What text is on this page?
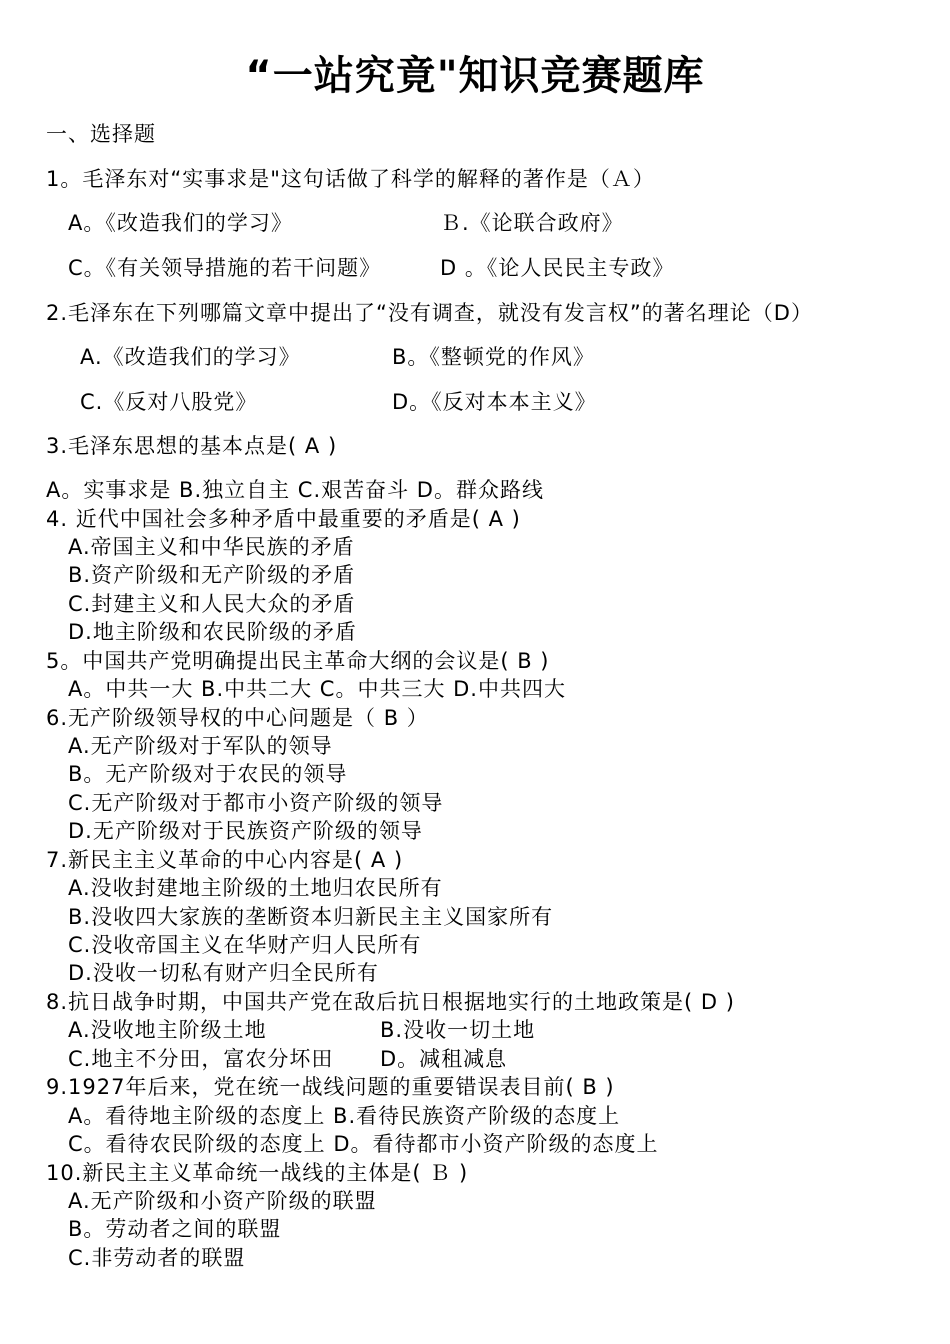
“一站究竟"知识竞赛题库
一、选择题
1。毛泽东对“实事求是"这句话做了科学的解释的著作是（Ａ）
A。《改造我们的学习》	Ｂ.《论联合政府》
C。《有关领导措施的若干问题》	D 。《论人民民主专政》
2.毛泽东在下列哪篇文章中提出了“没有调查，就没有发言权”的著名理论（D）
A.《改造我们的学习》	B。《整顿党的作风》
C.《反对八股党》	D。《反对本本主义》
3.毛泽东思想的基本点是( A )
A。实事求是 B.独立自主 C.艰苦奋斗 D。群众路线
4. 近代中国社会多种矛盾中最重要的矛盾是( A )
A.帝国主义和中华民族的矛盾
B.资产阶级和无产阶级的矛盾
C.封建主义和人民大众的矛盾
D.地主阶级和农民阶级的矛盾
5。中国共产党明确提出民主革命大纲的会议是( B )
A。中共一大 B.中共二大 C。中共三大 D.中共四大
6.无产阶级领导权的中心问题是（ B ）
A.无产阶级对于军队的领导
B。无产阶级对于农民的领导
C.无产阶级对于都市小资产阶级的领导
D.无产阶级对于民族资产阶级的领导
7.新民主主义革命的中心内容是( A )
A.没收封建地主阶级的土地归农民所有
B.没收四大家族的垄断资本归新民主主义国家所有
C.没收帝国主义在华财产归人民所有
D.没收一切私有财产归全民所有
8.抗日战争时期，中国共产党在敌后抗日根据地实行的土地政策是( D )
A.没收地主阶级土地	B.没收一切土地
C.地主不分田，富农分坏田 D。减租减息
9.1927年后来，党在统一战线问题的重要错误表目前( B )
A。看待地主阶级的态度上 B.看待民族资产阶级的态度上
C。看待农民阶级的态度上 D。看待都市小资产阶级的态度上
10.新民主主义革命统一战线的主体是( Ｂ )
A.无产阶级和小资产阶级的联盟
B。劳动者之间的联盟
C.非劳动者的联盟
